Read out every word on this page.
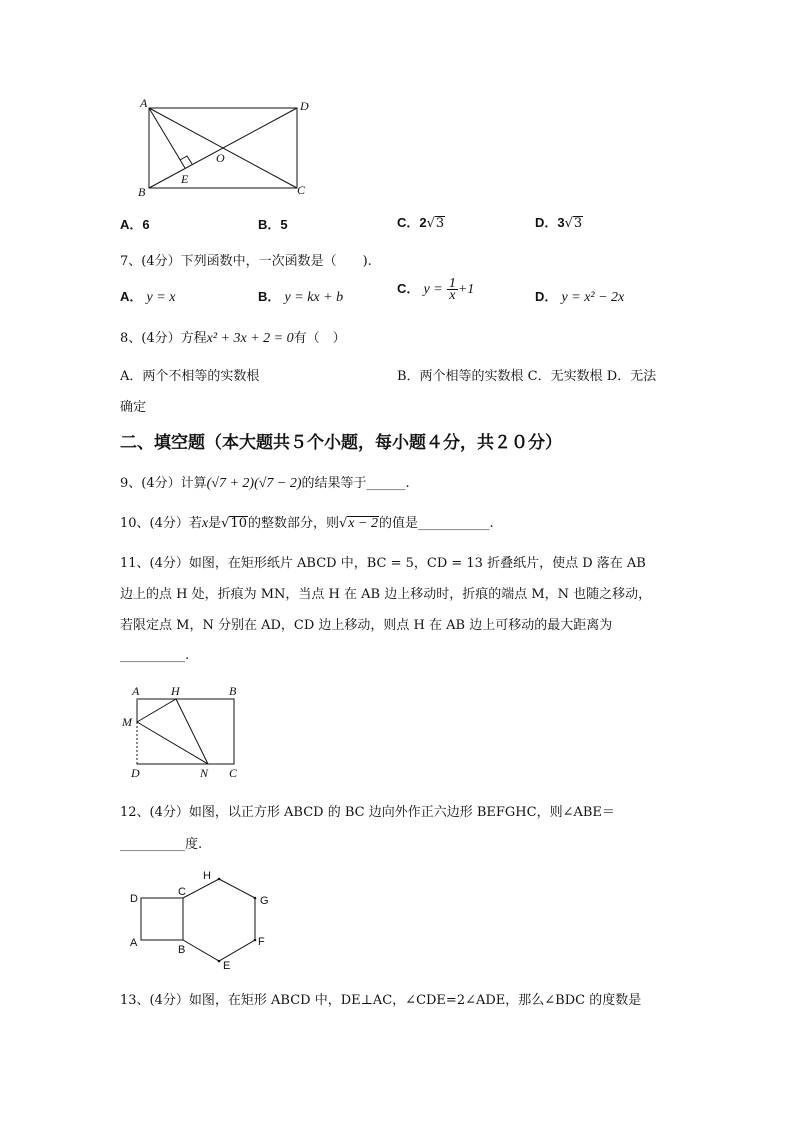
A	D
B	C
O
E
A．6	B．5	C．2√3	D．3√3
7、(4分）下列函数中，一次函数是（　　).
A． y = x	B． y = kx + b
C． $y = \frac{1}{x} +1$	D． y = x² − 2x
8、(4分）方程x² + 3x + 2 = 0有（　）
A．两个不相等的实数根	B．两个相等的实数根 C．无实数根 D．无法
确定
二、填空题（本大题共５个小题，每小题４分，共２０分）
9、(4分）计算(√7 + 2)(√7 − 2)的结果等于______.
10、(4分）若x是√10的整数部分，则√x − 2的值是___________.
11、(4分）如图，在矩形纸片 ABCD 中，BC = 5，CD = 13 折叠纸片，使点 D 落在 AB
边上的点 H 处，折痕为 MN，当点 H 在 AB 边上移动时，折痕的端点 M，N 也随之移动，
若限定点 M，N 分别在 AD，CD 边上移动，则点 H 在 AB 边上可移动的最大距离为
__________.
A	H	B
M
D	N C
12、(4分）如图，以正方形 ABCD 的 BC 边向外作正六边形 BEFGHC，则∠ABE＝
__________度.
D
C
H
G
A
B
F
E
13、(4分）如图，在矩形 ABCD 中，DE⊥AC，∠CDE=2∠ADE，那么∠BDC 的度数是
